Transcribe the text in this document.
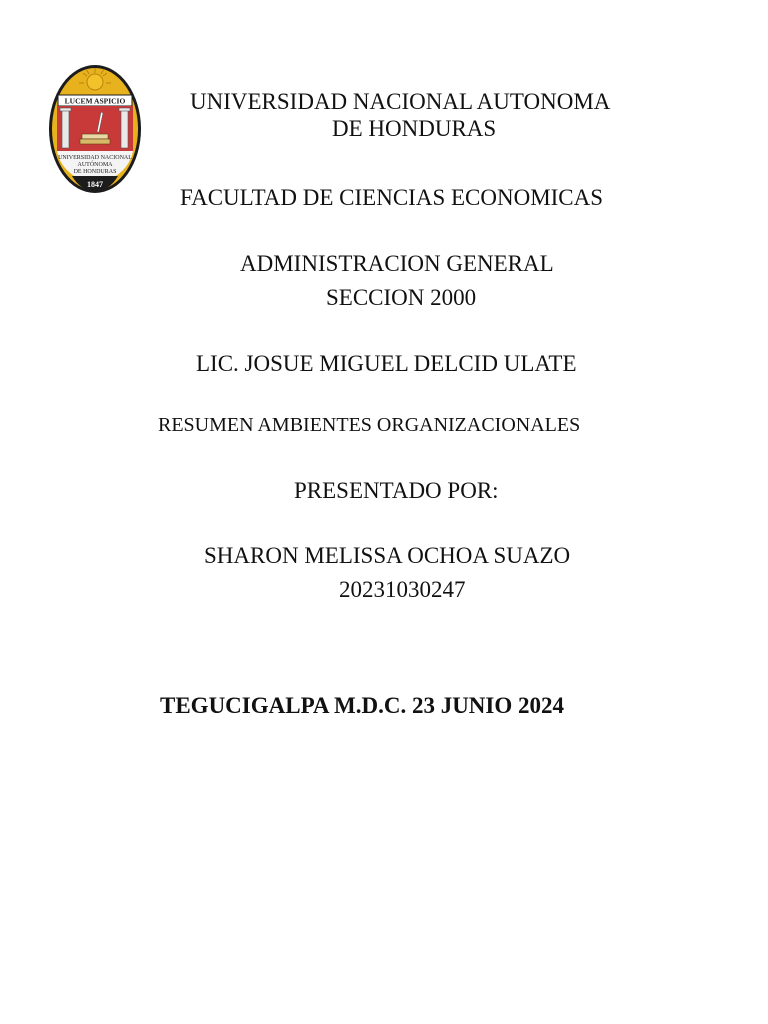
LUCEM ASPICIO
UNIVERSIDAD NACIONAL
AUTÓNOMA
DE HONDURAS
1847
UNIVERSIDAD NACIONAL AUTONOMA
DE HONDURAS
FACULTAD DE CIENCIAS ECONOMICAS
ADMINISTRACION GENERAL
SECCION 2000
LIC. JOSUE MIGUEL DELCID ULATE
RESUMEN AMBIENTES ORGANIZACIONALES
PRESENTADO POR:
SHARON MELISSA OCHOA SUAZO
20231030247
TEGUCIGALPA M.D.C. 23 JUNIO 2024
